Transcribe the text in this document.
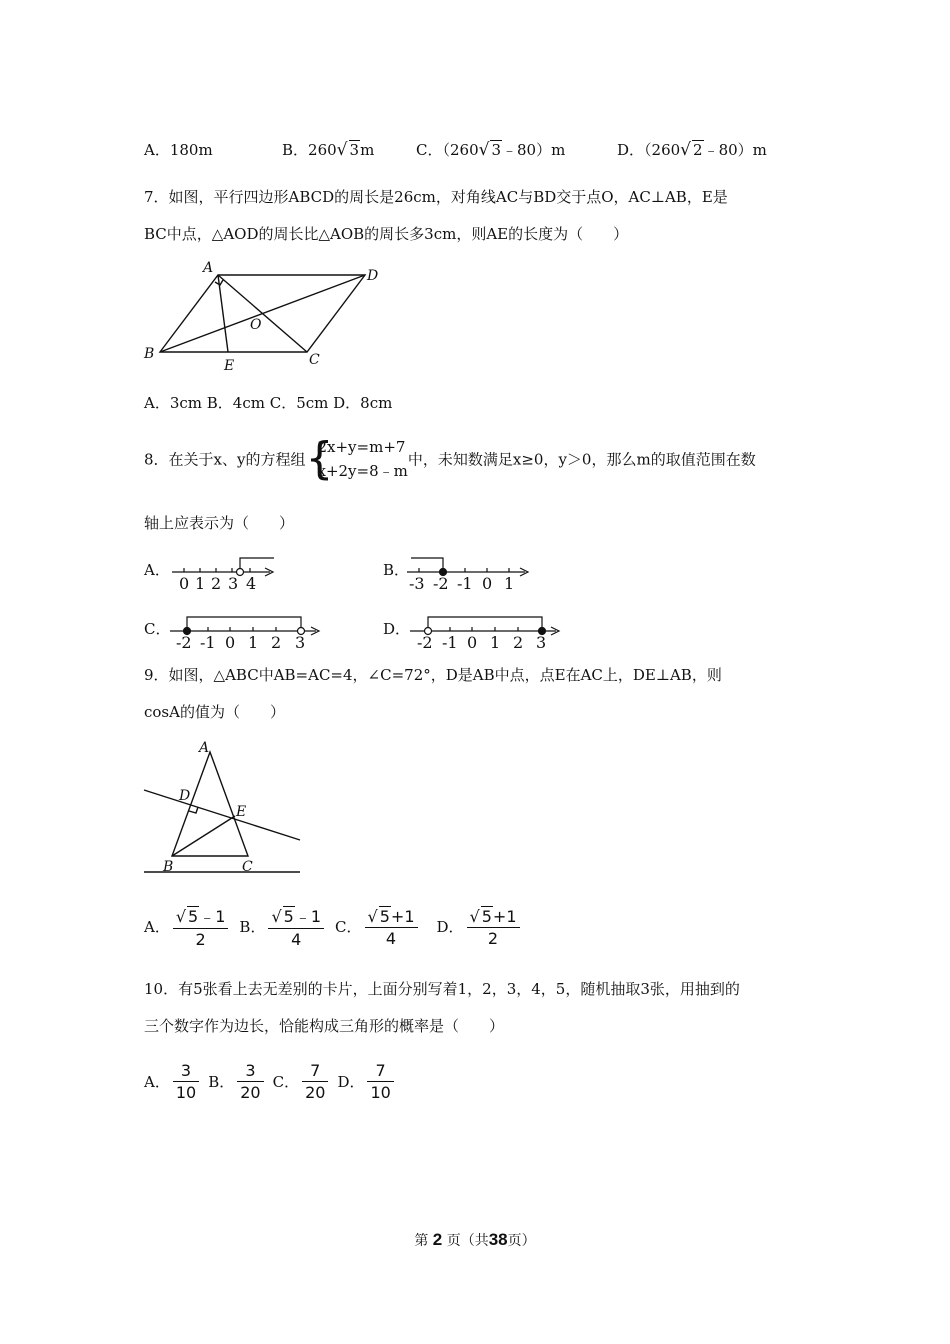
A．180m	B．260√ 3m	C．（260√ 3﹣80）m	D．（260√ 2﹣80）m
7．如图，平行四边形ABCD的周长是26cm，对角线AC与BD交于点O，AC⊥AB，E是
BC中点，△AOD的周长比△AOB的周长多3cm，则AE的长度为（　　）
A	D
B	C
E
O
A．3cm B．4cm C．5cm D．8cm
8．在关于x、y的方程组 {
2x+y=m+7
x+2y=8﹣m
中，未知数满足x≥0，y＞0，那么m的取值范围在数
轴上应表示为（　　）
A．
0 1 2 3 4
B．
-3 -2 -1 0 1
C．
-2 -1 0 1 2 3
D．
-2 -1 0 1 2 3
9．如图，△ABC中AB=AC=4，∠C=72°，D是AB中点，点E在AC上，DE⊥AB，则
cosA的值为（　　）
A
D
E
B	C
A． $\frac{√ 5﹣1}{2}$ B． $\frac{√ 5﹣1}{4}$ C． $\frac{√ 5+1}{4}$ D． $\frac{√ 5+1}{2}$
10．有5张看上去无差别的卡片，上面分别写着1，2，3，4，5，随机抽取3张，用抽到的
三个数字作为边长，恰能构成三角形的概率是（　　）
A． $\frac{3}{10}$ B． $\frac{3}{20}$ C． $\frac{7}{20}$ D． $\frac{7}{10}$
第 2 页（共38页）
